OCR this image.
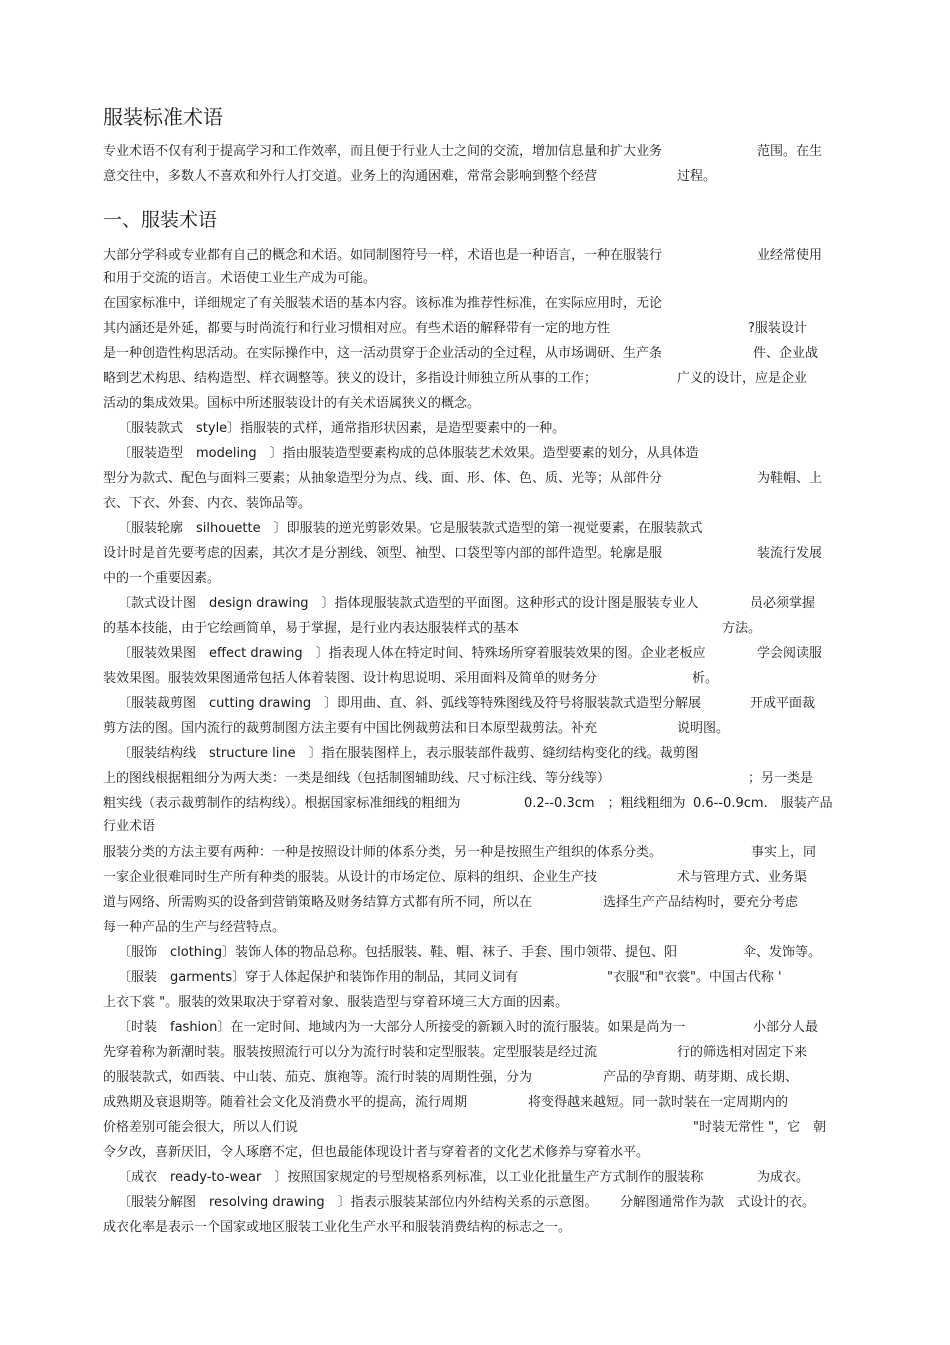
服装标准术语
专业术语不仅有利于提高学习和工作效率，而且便于行业人士之间的交流，增加信息量和扩大业务	范围。在生
意交往中，多数人不喜欢和外行人打交道。业务上的沟通困难，常常会影响到整个经营	过程。
一、服装术语
大部分学科或专业都有自己的概念和术语。如同制图符号一样，术语也是一种语言，一种在服装行	业经常使用
和用于交流的语言。术语使工业生产成为可能。
在国家标准中，详细规定了有关服装术语的基本内容。该标准为推荐性标准，在实际应用时，无论
其内涵还是外延，都要与时尚流行和行业习惯相对应。有些术语的解释带有一定的地方性	?服装设计
是一种创造性构思活动。在实际操作中，这一活动贯穿于企业活动的全过程，从市场调研、生产条	件、企业战
略到艺术构思、结构造型、样衣调整等。狭义的设计，多指设计师独立所从事的工作；	广义的设计，应是企业
活动的集成效果。国标中所述服装设计的有关术语属狭义的概念。
〔服装款式　style〕指服装的式样，通常指形状因素，是造型要素中的一种。
〔服装造型　modeling　〕指由服装造型要素构成的总体服装艺术效果。造型要素的划分，从具体造
型分为款式、配色与面料三要素；从抽象造型分为点、线、面、形、体、色、质、光等；从部件分	为鞋帽、上
衣、下衣、外套、内衣、装饰品等。
〔服装轮廓　silhouette　〕即服装的逆光剪影效果。它是服装款式造型的第一视觉要素，在服装款式
设计时是首先要考虑的因素，其次才是分割线、领型、袖型、口袋型等内部的部件造型。轮廓是服	装流行发展
中的一个重要因素。
〔款式设计图　design drawing　〕指体现服装款式造型的平面图。这种形式的设计图是服装专业人	员必须掌握
的基本技能，由于它绘画简单，易于掌握，是行业内表达服装样式的基本	方法。
〔服装效果图　effect drawing　〕指表现人体在特定时间、特殊场所穿着服装效果的图。企业老板应	学会阅读服
装效果图。服装效果图通常包括人体着装图、设计构思说明、采用面料及简单的财务分	析。
〔服装裁剪图　cutting drawing　〕即用曲、直、斜、弧线等特殊图线及符号将服装款式造型分解展	开成平面裁
剪方法的图。国内流行的裁剪制图方法主要有中国比例裁剪法和日本原型裁剪法。补充	说明图。
〔服装结构线　structure line　〕指在服装图样上，表示服装部件裁剪、缝纫结构变化的线。裁剪图
上的图线根据粗细分为两大类：一类是细线（包括制图辅助线、尺寸标注线、等分线等）	；另一类是
粗实线（表示裁剪制作的结构线）。根据国家标准细线的粗细为	0.2--0.3cm　；粗线粗细为 0.6--0.9cm.　服装产品
行业术语
服装分类的方法主要有两种：一种是按照设计师的体系分类，另一种是按照生产组织的体系分类。	事实上，同
一家企业很难同时生产所有种类的服装。从设计的市场定位、原料的组织、企业生产技	术与管理方式、业务渠
道与网络、所需购买的设备到营销策略及财务结算方式都有所不同，所以在	选择生产产品结构时，要充分考虑
每一种产品的生产与经营特点。
〔服饰　clothing〕装饰人体的物品总称。包括服装、鞋、帽、袜子、手套、围巾领带、提包、阳	伞、发饰等。
〔服装　garments〕穿于人体起保护和装饰作用的制品，其同义词有	"衣服"和"衣裳"。中国古代称 '
上衣下裳 "。服装的效果取决于穿着对象、服装造型与穿着环境三大方面的因素。
〔时装　fashion〕在一定时间、地域内为一大部分人所接受的新颖入时的流行服装。如果是尚为一	小部分人最
先穿着称为新潮时装。服装按照流行可以分为流行时装和定型服装。定型服装是经过流	行的筛选相对固定下来
的服装款式，如西装、中山装、茄克、旗袍等。流行时装的周期性强，分为	产品的孕育期、萌芽期、成长期、
成熟期及衰退期等。随着社会文化及消费水平的提高，流行周期	将变得越来越短。同一款时装在一定周期内的
价格差别可能会很大，所以人们说	"时装无常性 "，它　朝
令夕改，喜新厌旧，令人琢磨不定，但也最能体现设计者与穿着者的文化艺术修养与穿着水平。
〔成衣　ready-to-wear　〕按照国家规定的号型规格系列标准，以工业化批量生产方式制作的服装称	为成衣。
〔服装分解图　resolving drawing　〕指表示服装某部位内外结构关系的示意图。 分解图通常作为款　式设计的衣。
成衣化率是表示一个国家或地区服装工业化生产水平和服装消费结构的标志之一。
